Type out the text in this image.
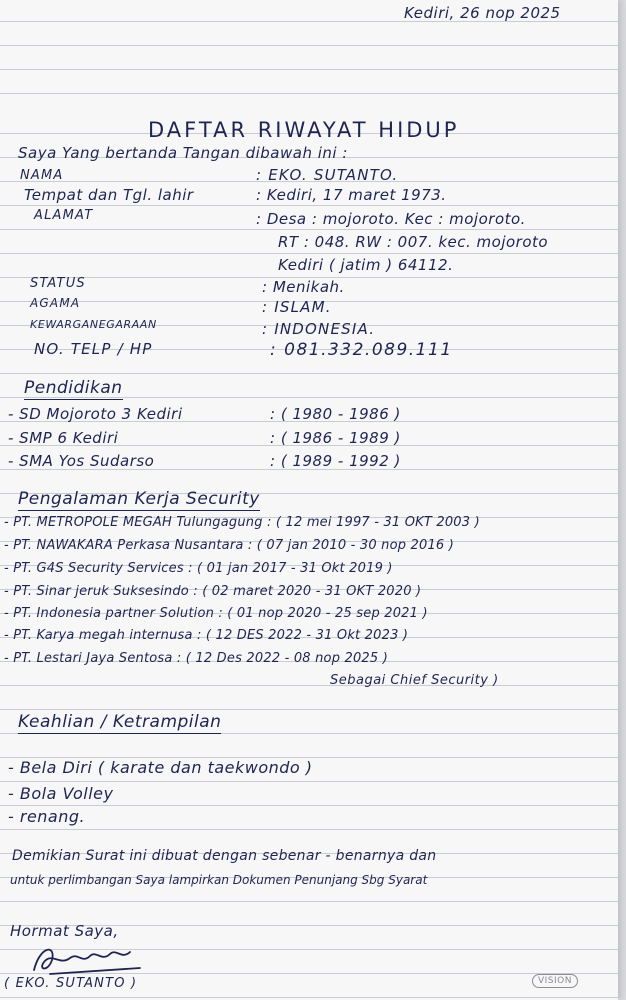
Kediri, 26 nop 2025
DAFTAR RIWAYAT HIDUP
Saya Yang bertanda Tangan dibawah ini :
NAMA	: EKO. SUTANTO.
Tempat dan Tgl. lahir	: Kediri, 17 maret 1973.
ALAMAT	: Desa : mojoroto. Kec : mojoroto.
RT : 048. RW : 007. kec. mojoroto
Kediri ( jatim ) 64112.
STATUS	: Menikah.
AGAMA	: ISLAM.
KEWARGANEGARAAN	: INDONESIA.
NO. TELP / HP	: 081.332.089.111
Pendidikan
- SD Mojoroto 3 Kediri	: ( 1980 - 1986 )
- SMP 6 Kediri	: ( 1986 - 1989 )
- SMA Yos Sudarso	: ( 1989 - 1992 )
Pengalaman Kerja Security
- PT. METROPOLE MEGAH Tulungagung : ( 12 mei 1997 - 31 OKT 2003 )
- PT. NAWAKARA Perkasa Nusantara : ( 07 jan 2010 - 30 nop 2016 )
- PT. G4S Security Services : ( 01 jan 2017 - 31 Okt 2019 )
- PT. Sinar jeruk Suksesindo : ( 02 maret 2020 - 31 OKT 2020 )
- PT. Indonesia partner Solution : ( 01 nop 2020 - 25 sep 2021 )
- PT. Karya megah internusa : ( 12 DES 2022 - 31 Okt 2023 )
- PT. Lestari Jaya Sentosa : ( 12 Des 2022 - 08 nop 2025 )
Sebagai Chief Security )
Keahlian / Ketrampilan
- Bela Diri ( karate dan taekwondo )
- Bola Volley
- renang.
Demikian Surat ini dibuat dengan sebenar - benarnya dan
untuk perlimbangan Saya lampirkan Dokumen Penunjang Sbg Syarat
Hormat Saya,
( EKO. SUTANTO )	VISION
